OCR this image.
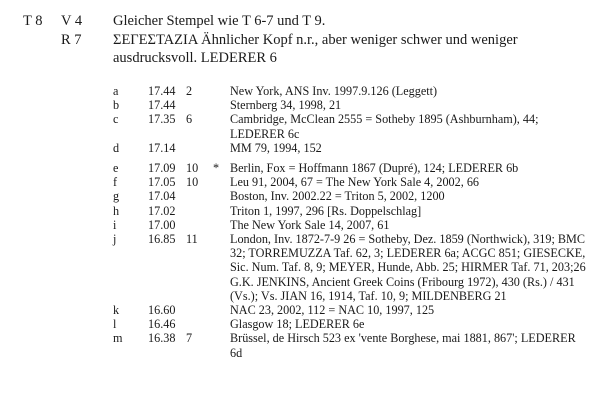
T 8 V 4 Gleicher Stempel wie T 6-7 und T 9.
R 7 ΣΕΓΕΣΤΑΖΙΑ Ähnlicher Kopf n.r., aber weniger schwer und weniger ausdrucksvoll. LEDERER 6
a 17.44 2	New York, ANS Inv. 1997.9.126 (Leggett)
b 17.44	Sternberg 34, 1998, 21
c 17.35 6	Cambridge, McClean 2555 = Sotheby 1895 (Ashburnham), 44; LEDERER 6c
d 17.14	MM 79, 1994, 152
e 17.09 10 * Berlin, Fox = Hoffmann 1867 (Dupré), 124; LEDERER 6b
f	17.05 10	Leu 91, 2004, 67 = The New York Sale 4, 2002, 66
g 17.04	Boston, Inv. 2002.22 = Triton 5, 2002, 1200
h 17.02	Triton 1, 1997, 296 [Rs. Doppelschlag]
i	17.00	The New York Sale 14, 2007, 61
j	16.85 11	London, Inv. 1872-7-9 26 = Sotheby, Dez. 1859 (Northwick), 319; BMC 32; TORREMUZZA Taf. 62, 3; LEDERER 6a; ACGC 851; GIESECKE, Sic. Num. Taf. 8, 9; MEYER, Hunde, Abb. 25; HIRMER Taf. 71, 203;26 G.K. JENKINS, Ancient Greek Coins (Fribourg 1972), 430 (Rs.) / 431 (Vs.); Vs. JIAN 16, 1914, Taf. 10, 9; MILDENBERG 21
k 16.60	NAC 23, 2002, 112 = NAC 10, 1997, 125
l	16.46	Glasgow 18; LEDERER 6e
m 16.38 7	Brüssel, de Hirsch 523 ex 'vente Borghese, mai 1881, 867'; LEDERER 6d
